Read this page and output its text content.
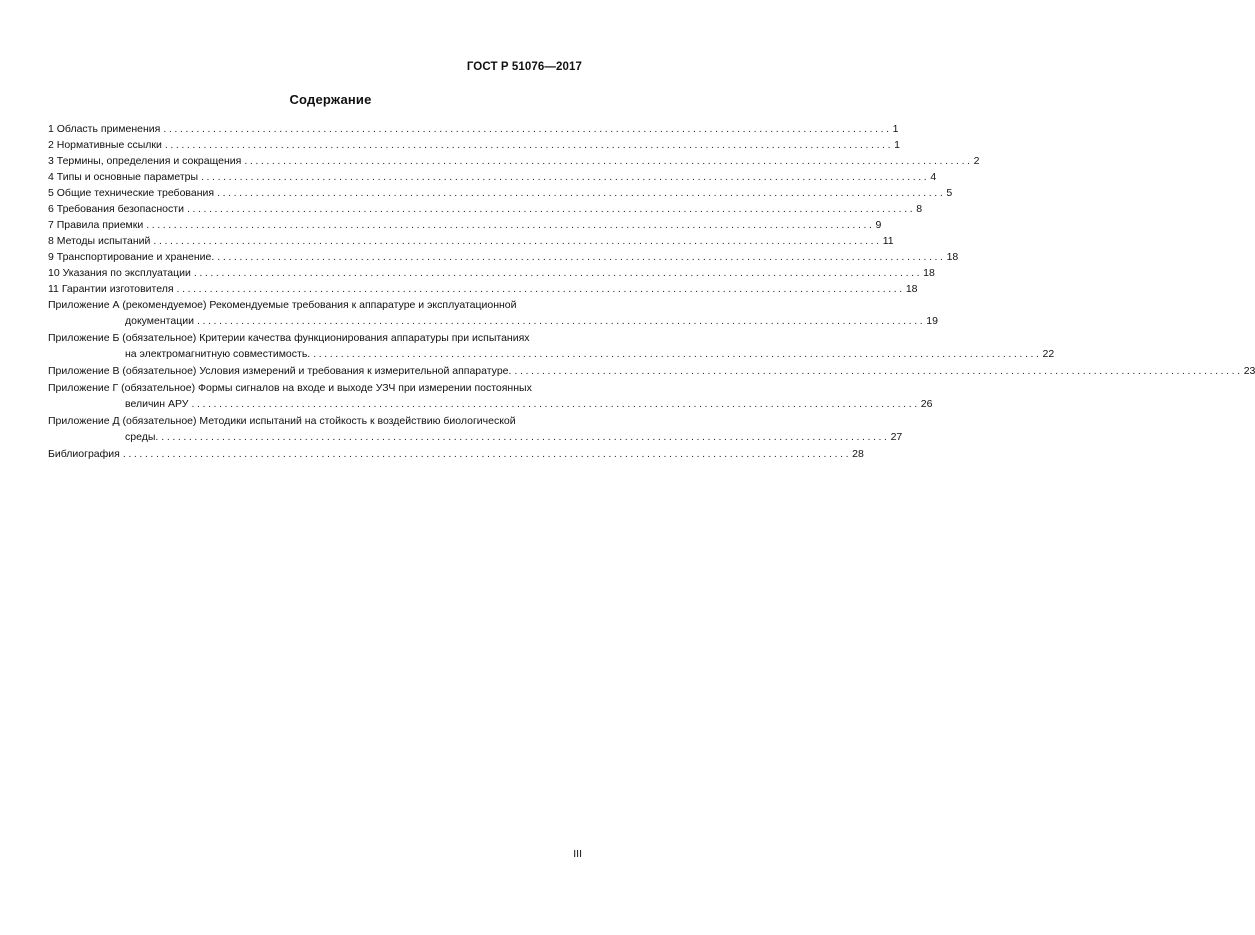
ГОСТ Р 51076—2017
Содержание
1 Область применения .................................................................................................................................... 1
2 Нормативные ссылки .................................................................................................................................... 1
3 Термины, определения и сокращения .................................................................................................................................... 2
4 Типы и основные параметры .................................................................................................................................... 4
5 Общие технические требования .................................................................................................................................... 5
6 Требования безопасности .................................................................................................................................... 8
7 Правила приемки .................................................................................................................................... 9
8 Методы испытаний .................................................................................................................................... 11
9 Транспортирование и хранение. .................................................................................................................................... 18
10 Указания по эксплуатации .................................................................................................................................... 18
11 Гарантии изготовителя .................................................................................................................................... 18
Приложение А (рекомендуемое) Рекомендуемые требования к аппаратуре и эксплуатационной
документации .................................................................................................................................... 19
Приложение Б (обязательное) Критерии качества функционирования аппаратуры при испытаниях
на электромагнитную совместимость. .................................................................................................................................... 22
Приложение В (обязательное) Условия измерений и требования к измерительной аппаратуре. .................................................................................................................................... 23
Приложение Г (обязательное) Формы сигналов на входе и выходе УЗЧ при измерении постоянных
величин АРУ .................................................................................................................................... 26
Приложение Д (обязательное) Методики испытаний на стойкость к воздействию биологической
среды. .................................................................................................................................... 27
Библиография .................................................................................................................................... 28
III
